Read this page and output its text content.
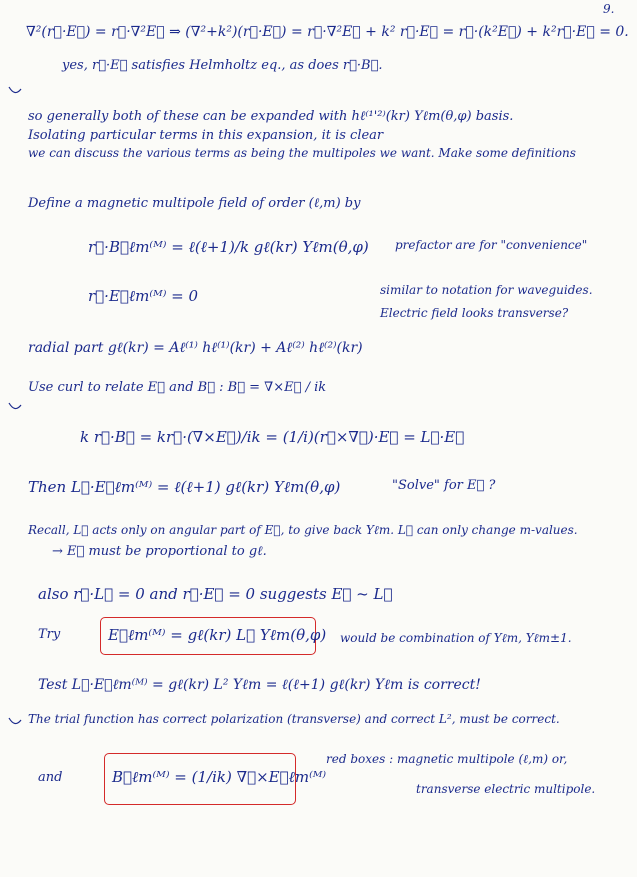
9.
∇²(r⃗·E⃗) = r⃗·∇²E⃗ ⇒ (∇²+k²)(r⃗·E⃗) = r⃗·∇²E⃗ + k² r⃗·E⃗ = r⃗·(k²E⃗) + k²r⃗·E⃗ = 0.
yes, r⃗·E⃗ satisfies Helmholtz eq., as does r⃗·B⃗.
so generally both of these can be expanded with hℓ⁽¹'²⁾(kr) Yℓm(θ,φ) basis.
Isolating particular terms in this expansion, it is clear
we can discuss the various terms as being the multipoles we want. Make some definitions
Define a magnetic multipole field of order (ℓ,m) by
r⃗·B⃗ℓm⁽ᴹ⁾ = ℓ(ℓ+1)/k gℓ(kr) Yℓm(θ,φ) prefactor are for "convenience"
r⃗·E⃗ℓm⁽ᴹ⁾ = 0	similar to notation for waveguides.
Electric field looks transverse?
radial part gℓ(kr) = Aℓ⁽¹⁾ hℓ⁽¹⁾(kr) + Aℓ⁽²⁾ hℓ⁽²⁾(kr)
Use curl to relate E⃗ and B⃗ : B⃗ = ∇×E⃗ / ik
k r⃗·B⃗ = kr⃗·(∇×E⃗)/ik = (1/i)(r⃗×∇⃗)·E⃗ = L⃗·E⃗
Then L⃗·E⃗ℓm⁽ᴹ⁾ = ℓ(ℓ+1) gℓ(kr) Yℓm(θ,φ)	"Solve" for E⃗ ?
Recall, L⃗ acts only on angular part of E⃗, to give back Yℓm. L⃗ can only change m-values.
→ E⃗ must be proportional to gℓ.
also r⃗·L⃗ = 0 and r⃗·E⃗ = 0 suggests E⃗ ~ L⃗
Try	E⃗ℓm⁽ᴹ⁾ = gℓ(kr) L⃗ Yℓm(θ,φ) would be combination of Yℓm, Yℓm±1.
Test L⃗·E⃗ℓm⁽ᴹ⁾ = gℓ(kr) L² Yℓm = ℓ(ℓ+1) gℓ(kr) Yℓm is correct!
The trial function has correct polarization (transverse) and correct L², must be correct.
and	B⃗ℓm⁽ᴹ⁾ = (1/ik) ∇⃗×E⃗ℓm⁽ᴹ⁾
red boxes : magnetic multipole (ℓ,m) or,
transverse electric multipole.
